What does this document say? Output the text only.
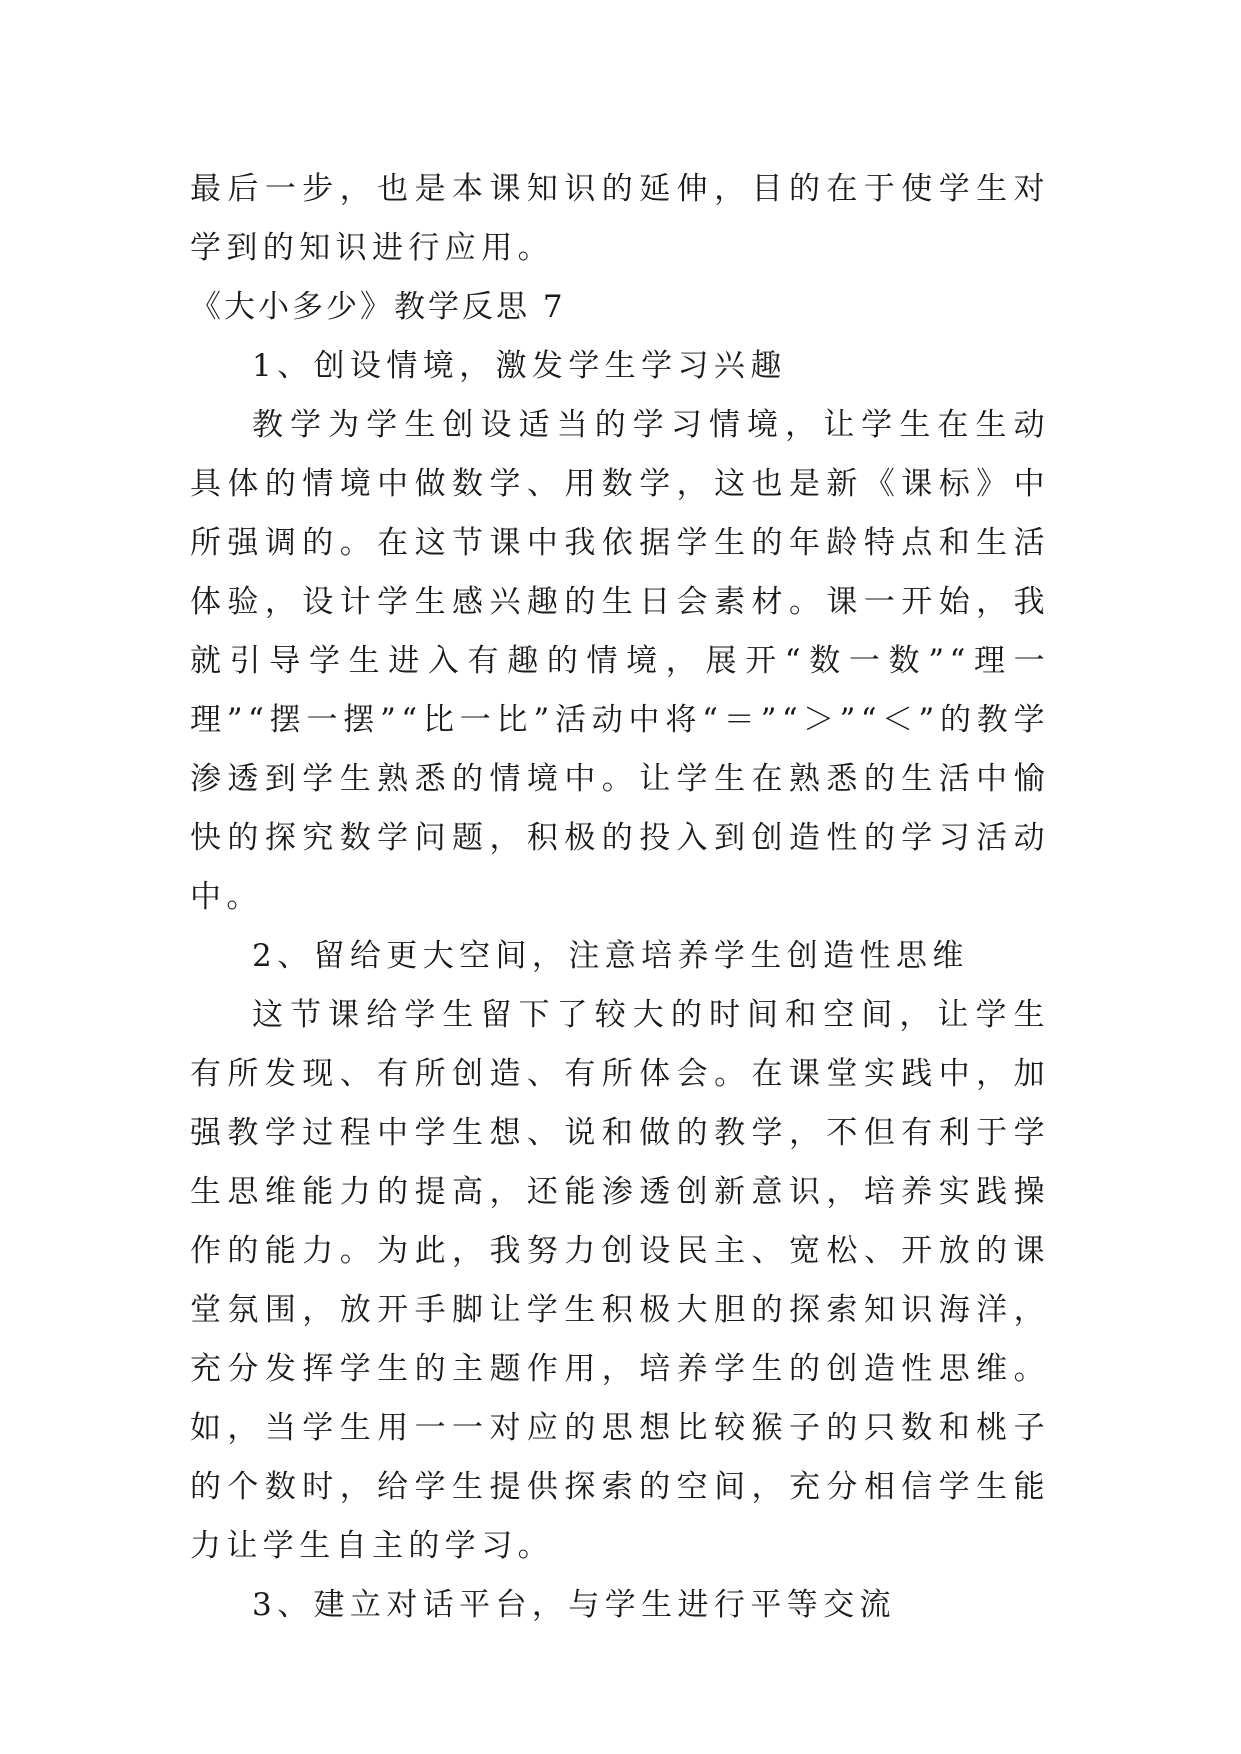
最后一步，也是本课知识的延伸，目的在于使学生对学到的知识进行应用。

《大小多少》教学反思 7

1、创设情境，激发学生学习兴趣

教学为学生创设适当的学习情境，让学生在生动具体的情境中做数学、用数学，这也是新《课标》中所强调的。在这节课中我依据学生的年龄特点和生活体验，设计学生感兴趣的生日会素材。课一开始，我就引导学生进入有趣的情境，展开“数一数”“理一理”“摆一摆”“比一比”活动中将“＝”“＞”“＜”的教学渗透到学生熟悉的情境中。让学生在熟悉的生活中愉快的探究数学问题，积极的投入到创造性的学习活动中。

2、留给更大空间，注意培养学生创造性思维

这节课给学生留下了较大的时间和空间，让学生有所发现、有所创造、有所体会。在课堂实践中，加强教学过程中学生想、说和做的教学，不但有利于学生思维能力的提高，还能渗透创新意识，培养实践操作的能力。为此，我努力创设民主、宽松、开放的课堂氛围，放开手脚让学生积极大胆的探索知识海洋，充分发挥学生的主题作用，培养学生的创造性思维。如，当学生用一一对应的思想比较猴子的只数和桃子的个数时，给学生提供探索的空间，充分相信学生能力让学生自主的学习。

3、建立对话平台，与学生进行平等交流
